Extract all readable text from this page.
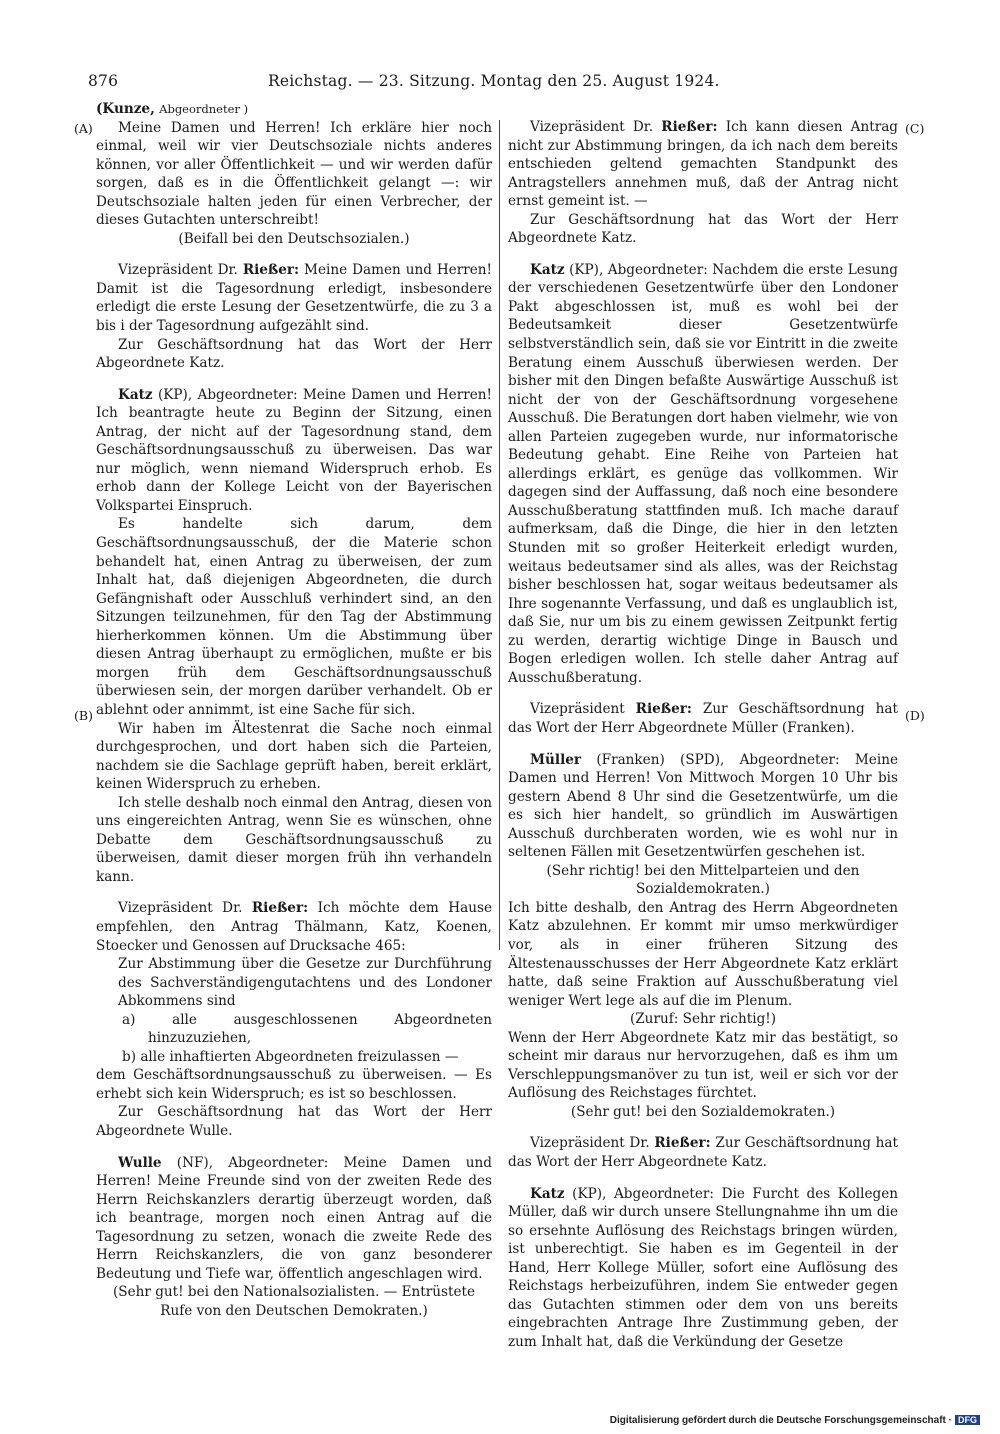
876	Reichstag. — 23. Sitzung. Montag den 25. August 1924.
(A)
(B)
(C)
(D)

(Kunze, Abgeordneter )

Meine Damen und Herren! Ich erkläre hier noch einmal, weil wir vier Deutschsoziale nichts anderes können, vor aller Öffentlichkeit — und wir werden dafür sorgen, daß es in die Öffentlichkeit gelangt —: wir Deutschsoziale halten jeden für einen Verbrecher, der dieses Gutachten unterschreibt!

(Beifall bei den Deutschsozialen.)

Vizepräsident Dr. Rießer: Meine Damen und Herren! Damit ist die Tagesordnung erledigt, insbesondere erledigt die erste Lesung der Gesetzentwürfe, die zu 3 a bis i der Tagesordnung aufgezählt sind.

Zur Geschäftsordnung hat das Wort der Herr Abgeordnete Katz.

Katz (KP), Abgeordneter: Meine Damen und Herren! Ich beantragte heute zu Beginn der Sitzung, einen Antrag, der nicht auf der Tagesordnung stand, dem Geschäftsordnungsausschuß zu überweisen. Das war nur möglich, wenn niemand Widerspruch erhob. Es erhob dann der Kollege Leicht von der Bayerischen Volkspartei Einspruch.

Es handelte sich darum, dem Geschäftsordnungsausschuß, der die Materie schon behandelt hat, einen Antrag zu überweisen, der zum Inhalt hat, daß diejenigen Abgeordneten, die durch Gefängnishaft oder Ausschluß verhindert sind, an den Sitzungen teilzunehmen, für den Tag der Abstimmung hierherkommen können. Um die Abstimmung über diesen Antrag überhaupt zu ermöglichen, mußte er bis morgen früh dem Geschäftsordnungsausschuß überwiesen sein, der morgen darüber verhandelt. Ob er ablehnt oder annimmt, ist eine Sache für sich.

Wir haben im Ältestenrat die Sache noch einmal durchgesprochen, und dort haben sich die Parteien, nachdem sie die Sachlage geprüft haben, bereit erklärt, keinen Widerspruch zu erheben.

Ich stelle deshalb noch einmal den Antrag, diesen von uns eingereichten Antrag, wenn Sie es wünschen, ohne Debatte dem Geschäftsordnungsausschuß zu überweisen, damit dieser morgen früh ihn verhandeln kann.

Vizepräsident Dr. Rießer: Ich möchte dem Hause empfehlen, den Antrag Thälmann, Katz, Koenen, Stoecker und Genossen auf Drucksache 465:

Zur Abstimmung über die Gesetze zur Durchführung des Sachverständigengutachtens und des Londoner Abkommens sind

a) alle ausgeschlossenen Abgeordneten hinzuzuziehen,

b) alle inhaftierten Abgeordneten freizulassen —

dem Geschäftsordnungsausschuß zu überweisen. — Es erhebt sich kein Widerspruch; es ist so beschlossen.

Zur Geschäftsordnung hat das Wort der Herr Abgeordnete Wulle.

Wulle (NF), Abgeordneter: Meine Damen und Herren! Meine Freunde sind von der zweiten Rede des Herrn Reichskanzlers derartig überzeugt worden, daß ich beantrage, morgen noch einen Antrag auf die Tagesordnung zu setzen, wonach die zweite Rede des Herrn Reichskanzlers, die von ganz besonderer Bedeutung und Tiefe war, öffentlich angeschlagen wird.

(Sehr gut! bei den Nationalsozialisten. — Entrüstete Rufe von den Deutschen Demokraten.)

Vizepräsident Dr. Rießer: Ich kann diesen Antrag nicht zur Abstimmung bringen, da ich nach dem bereits entschieden geltend gemachten Standpunkt des Antragstellers annehmen muß, daß der Antrag nicht ernst gemeint ist. —

Zur Geschäftsordnung hat das Wort der Herr Abgeordnete Katz.

Katz (KP), Abgeordneter: Nachdem die erste Lesung der verschiedenen Gesetzentwürfe über den Londoner Pakt abgeschlossen ist, muß es wohl bei der Bedeutsamkeit dieser Gesetzentwürfe selbstverständlich sein, daß sie vor Eintritt in die zweite Beratung einem Ausschuß überwiesen werden. Der bisher mit den Dingen befaßte Auswärtige Ausschuß ist nicht der von der Geschäftsordnung vorgesehene Ausschuß. Die Beratungen dort haben vielmehr, wie von allen Parteien zugegeben wurde, nur informatorische Bedeutung gehabt. Eine Reihe von Parteien hat allerdings erklärt, es genüge das vollkommen. Wir dagegen sind der Auffassung, daß noch eine besondere Ausschußberatung stattfinden muß. Ich mache darauf aufmerksam, daß die Dinge, die hier in den letzten Stunden mit so großer Heiterkeit erledigt wurden, weitaus bedeutsamer sind als alles, was der Reichstag bisher beschlossen hat, sogar weitaus bedeutsamer als Ihre sogenannte Verfassung, und daß es unglaublich ist, daß Sie, nur um bis zu einem gewissen Zeitpunkt fertig zu werden, derartig wichtige Dinge in Bausch und Bogen erledigen wollen. Ich stelle daher Antrag auf Ausschußberatung.

Vizepräsident Rießer: Zur Geschäftsordnung hat das Wort der Herr Abgeordnete Müller (Franken).

Müller (Franken) (SPD), Abgeordneter: Meine Damen und Herren! Von Mittwoch Morgen 10 Uhr bis gestern Abend 8 Uhr sind die Gesetzentwürfe, um die es sich hier handelt, so gründlich im Auswärtigen Ausschuß durchberaten worden, wie es wohl nur in seltenen Fällen mit Gesetzentwürfen geschehen ist.

(Sehr richtig! bei den Mittelparteien und den Sozialdemokraten.)

Ich bitte deshalb, den Antrag des Herrn Abgeordneten Katz abzulehnen. Er kommt mir umso merkwürdiger vor, als in einer früheren Sitzung des Ältestenausschusses der Herr Abgeordnete Katz erklärt hatte, daß seine Fraktion auf Ausschußberatung viel weniger Wert lege als auf die im Plenum.

(Zuruf: Sehr richtig!)

Wenn der Herr Abgeordnete Katz mir das bestätigt, so scheint mir daraus nur hervorzugehen, daß es ihm um Verschleppungsmanöver zu tun ist, weil er sich vor der Auflösung des Reichstages fürchtet.

(Sehr gut! bei den Sozialdemokraten.)

Vizepräsident Dr. Rießer: Zur Geschäftsordnung hat das Wort der Herr Abgeordnete Katz.

Katz (KP), Abgeordneter: Die Furcht des Kollegen Müller, daß wir durch unsere Stellungnahme ihn um die so ersehnte Auflösung des Reichstags bringen würden, ist unberechtigt. Sie haben es im Gegenteil in der Hand, Herr Kollege Müller, sofort eine Auflösung des Reichstags herbeizuführen, indem Sie entweder gegen das Gutachten stimmen oder dem von uns bereits eingebrachten Antrage Ihre Zustimmung geben, der zum Inhalt hat, daß die Verkündung der Gesetze

Digitalisierung gefördert durch die Deutsche Forschungsgemeinschaft · DFG
